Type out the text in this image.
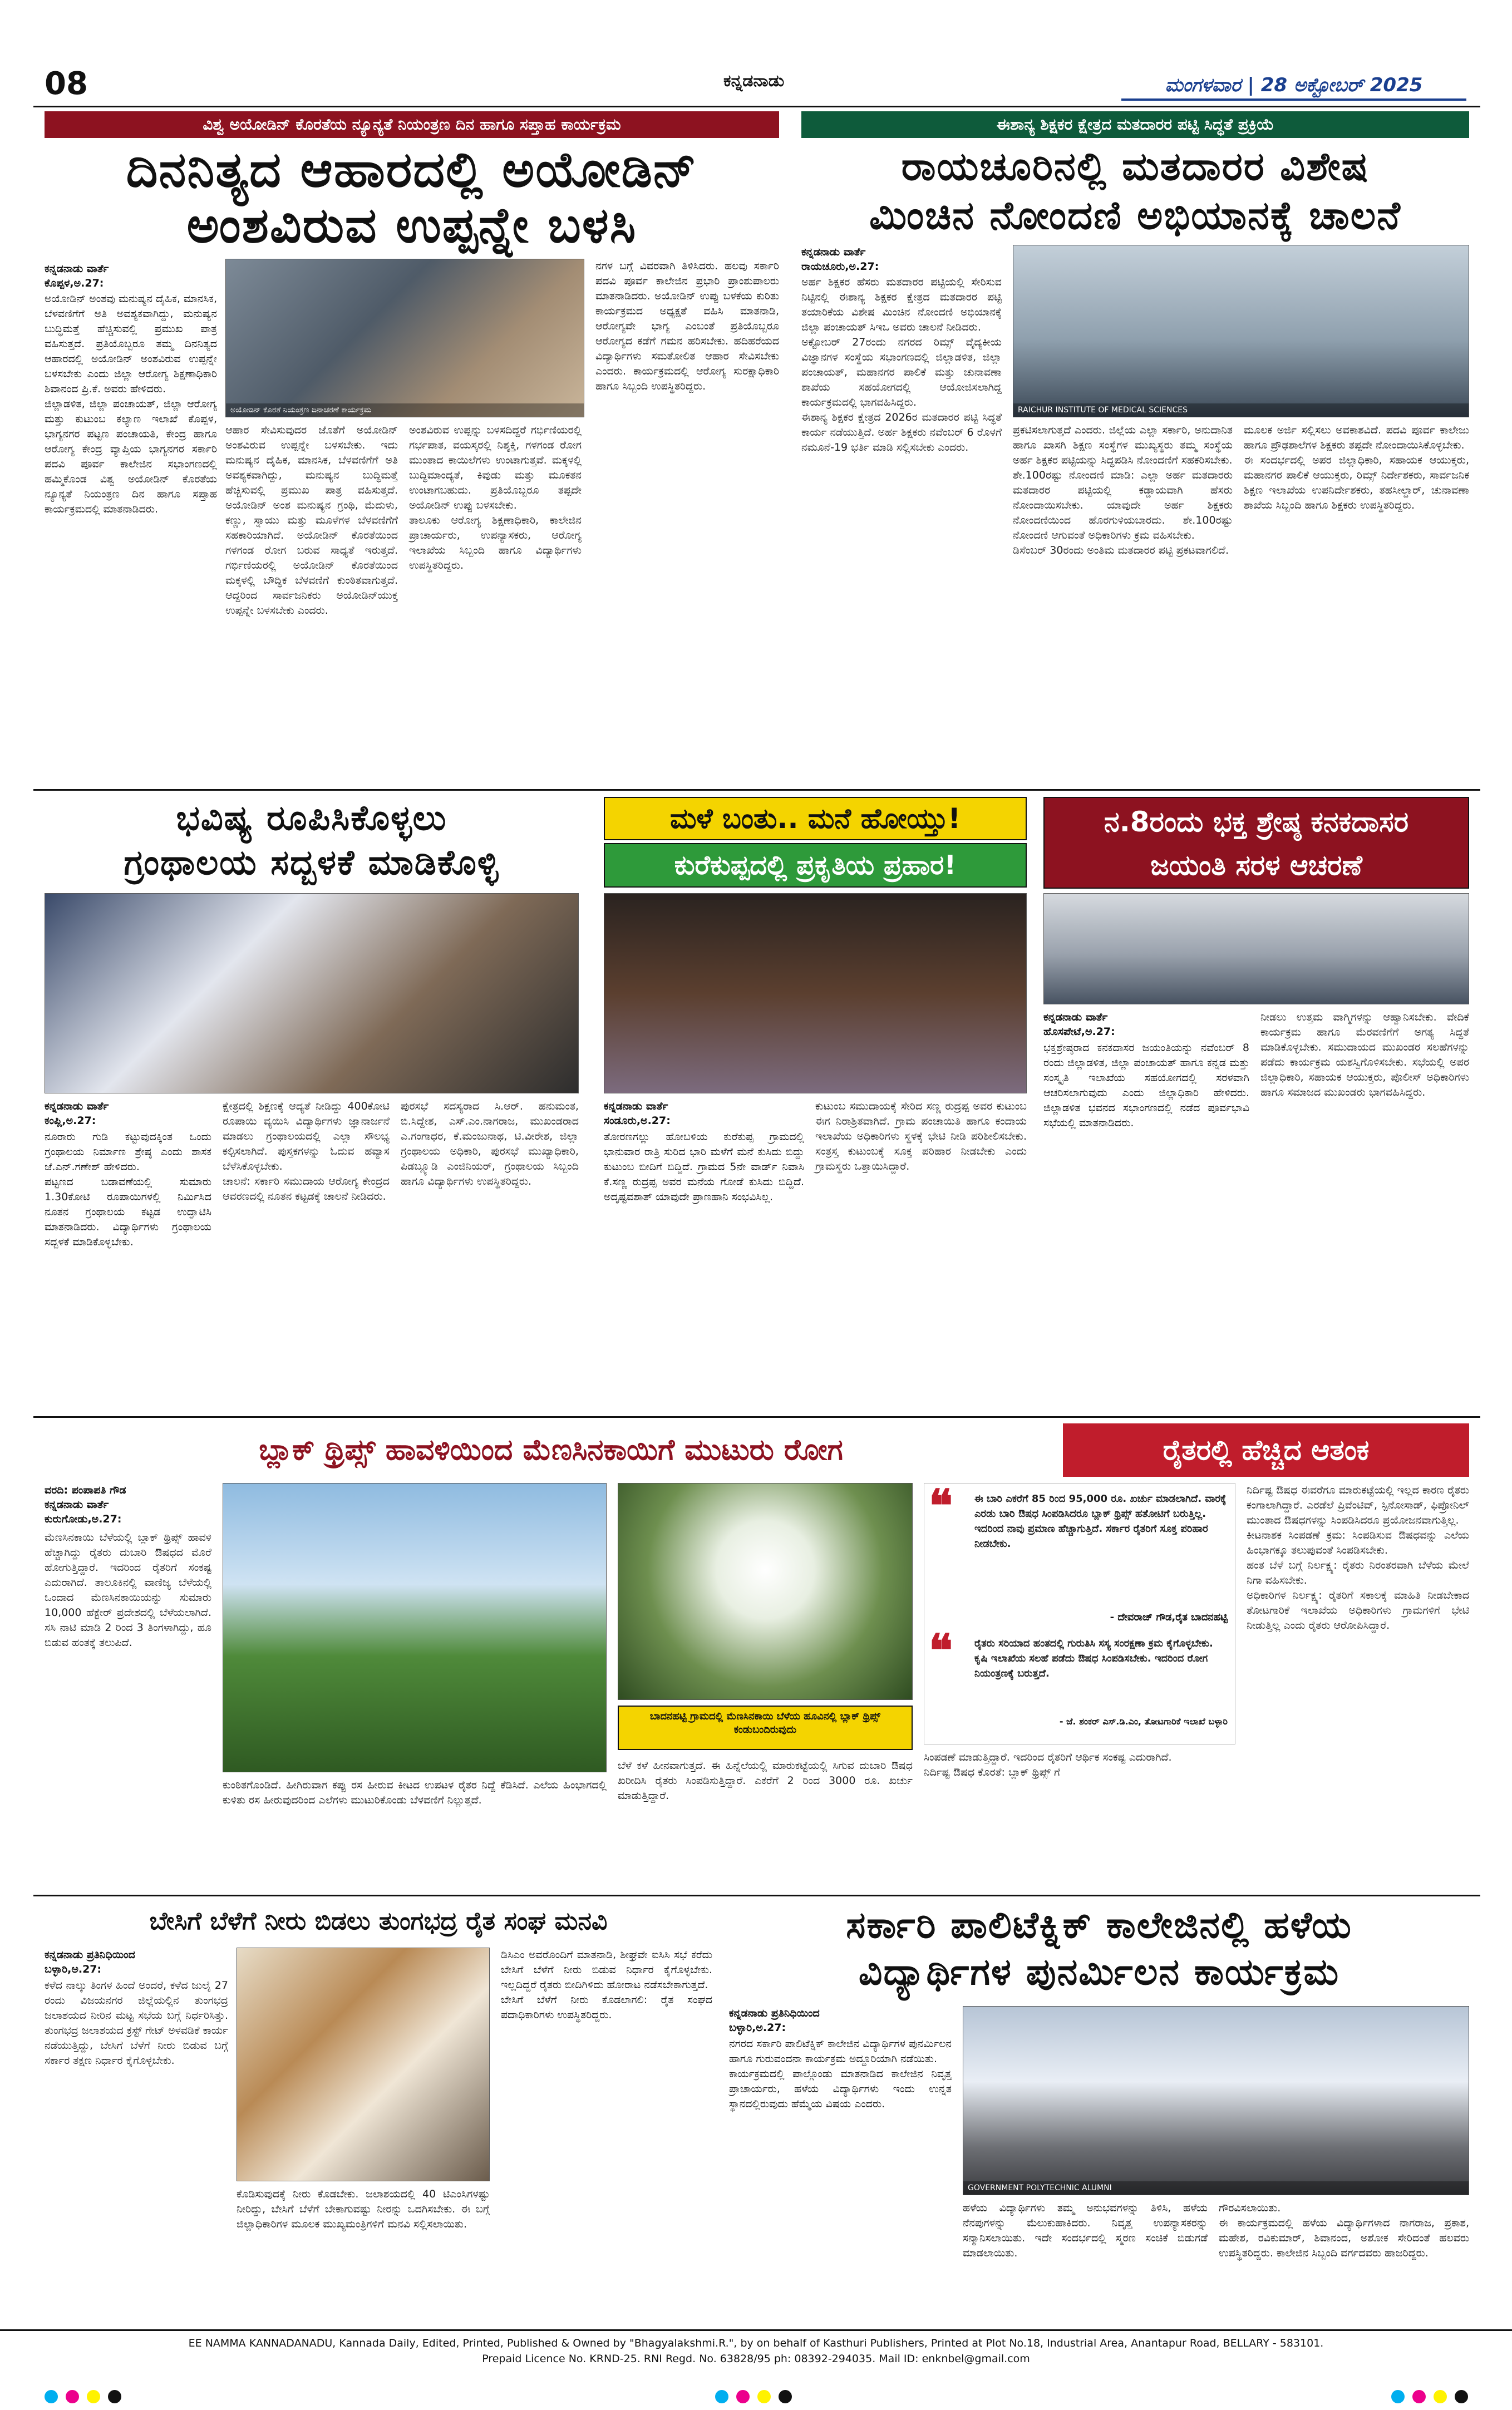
08	ಕನ್ನಡನಾಡು	ಮಂಗಳವಾರ | 28 ಅಕ್ಟೋಬರ್ 2025
ವಿಶ್ವ ಅಯೋಡಿನ್ ಕೊರತೆಯ ನ್ಯೂನ್ಯತೆ ನಿಯಂತ್ರಣ ದಿನ ಹಾಗೂ ಸಪ್ತಾಹ ಕಾರ್ಯಕ್ರಮ
ದಿನನಿತ್ಯದ ಆಹಾರದಲ್ಲಿ ಅಯೋಡಿನ್
ಅಂಶವಿರುವ ಉಪ್ಪನ್ನೇ ಬಳಸಿ
ಕನ್ನಡನಾಡು ವಾರ್ತೆ
ಕೊಪ್ಪಳ,ಅ.27:
ಅಯೋಡಿನ್ ಅಂಶವು ಮನುಷ್ಯನ ದೈಹಿಕ, ಮಾನಸಿಕ, ಬೆಳವಣಿಗೆಗೆ ಅತಿ ಅವಶ್ಯಕವಾಗಿದ್ದು, ಮನುಷ್ಯನ ಬುದ್ಧಿಮತ್ತೆ ಹೆಚ್ಚಿಸುವಲ್ಲಿ ಪ್ರಮುಖ ಪಾತ್ರ ವಹಿಸುತ್ತದೆ. ಪ್ರತಿಯೊಬ್ಬರೂ ತಮ್ಮ ದಿನನಿತ್ಯದ ಆಹಾರದಲ್ಲಿ ಅಯೋಡಿನ್ ಅಂಶವಿರುವ ಉಪ್ಪನ್ನೇ ಬಳಸಬೇಕು ಎಂದು ಜಿಲ್ಲಾ ಆರೋಗ್ಯ ಶಿಕ್ಷಣಾಧಿಕಾರಿ ಶಿವಾನಂದ ಪ್ರಿ.ಕೆ. ಅವರು ಹೇಳಿದರು.
ಜಿಲ್ಲಾಡಳಿತ, ಜಿಲ್ಲಾ ಪಂಚಾಯತ್, ಜಿಲ್ಲಾ ಆರೋಗ್ಯ ಮತ್ತು ಕುಟುಂಬ ಕಲ್ಯಾಣ ಇಲಾಖೆ ಕೊಪ್ಪಳ, ಭಾಗ್ಯನಗರ ಪಟ್ಟಣ ಪಂಚಾಯತಿ, ಕೇಂದ್ರ ಹಾಗೂ ಆರೋಗ್ಯ ಕೇಂದ್ರ ವ್ಯಾಪ್ತಿಯ ಭಾಗ್ಯನಗರ ಸರ್ಕಾರಿ ಪದವಿ ಪೂರ್ವ ಕಾಲೇಜಿನ ಸಭಾಂಗಣದಲ್ಲಿ ಹಮ್ಮಿಕೊಂಡ ವಿಶ್ವ ಅಯೋಡಿನ್ ಕೊರತೆಯ ನ್ಯೂನ್ಯತೆ ನಿಯಂತ್ರಣ ದಿನ ಹಾಗೂ ಸಪ್ತಾಹ ಕಾರ್ಯಕ್ರಮದಲ್ಲಿ ಮಾತನಾಡಿದರು.
ಅಯೋಡಿನ್ ಕೊರತೆ ನಿಯಂತ್ರಣ ದಿನಾಚರಣೆ ಕಾರ್ಯಕ್ರಮ
ಆಹಾರ ಸೇವಿಸುವುದರ ಜೊತೆಗೆ ಅಯೋಡಿನ್ ಅಂಶವಿರುವ ಉಪ್ಪನ್ನೇ ಬಳಸಬೇಕು. ಇದು ಮನುಷ್ಯನ ದೈಹಿಕ, ಮಾನಸಿಕ, ಬೆಳವಣಿಗೆಗೆ ಅತಿ ಅವಶ್ಯಕವಾಗಿದ್ದು, ಮನುಷ್ಯನ ಬುದ್ಧಿಮತ್ತೆ ಹೆಚ್ಚಿಸುವಲ್ಲಿ ಪ್ರಮುಖ ಪಾತ್ರ ವಹಿಸುತ್ತದೆ. ಅಯೋಡಿನ್ ಅಂಶ ಮನುಷ್ಯನ ಗ್ರಂಥಿ, ಮೆದುಳು, ಕಣ್ಣು, ಸ್ನಾಯು ಮತ್ತು ಮೂಳೆಗಳ ಬೆಳವಣಿಗೆಗೆ ಸಹಕಾರಿಯಾಗಿದೆ. ಅಯೋಡಿನ್ ಕೊರತೆಯಿಂದ ಗಳಗಂಡ ರೋಗ ಬರುವ ಸಾಧ್ಯತೆ ಇರುತ್ತದೆ. ಗರ್ಭಿಣಿಯರಲ್ಲಿ ಅಯೋಡಿನ್ ಕೊರತೆಯಿಂದ ಮಕ್ಕಳಲ್ಲಿ ಬೌದ್ಧಿಕ ಬೆಳವಣಿಗೆ ಕುಂಠಿತವಾಗುತ್ತದೆ. ಆದ್ದರಿಂದ ಸಾರ್ವಜನಿಕರು ಅಯೋಡಿನ್‌ಯುಕ್ತ ಉಪ್ಪನ್ನೇ ಬಳಸಬೇಕು ಎಂದರು.
ಅಂಶವಿರುವ ಉಪ್ಪನ್ನು ಬಳಸದಿದ್ದರೆ ಗರ್ಭಿಣಿಯರಲ್ಲಿ ಗರ್ಭಪಾತ, ವಯಸ್ಕರಲ್ಲಿ ನಿಶ್ಶಕ್ತಿ, ಗಳಗಂಡ ರೋಗ ಮುಂತಾದ ಕಾಯಿಲೆಗಳು ಉಂಟಾಗುತ್ತವೆ. ಮಕ್ಕಳಲ್ಲಿ ಬುದ್ಧಿಮಾಂದ್ಯತೆ, ಕಿವುಡು ಮತ್ತು ಮೂಕತನ ಉಂಟಾಗಬಹುದು. ಪ್ರತಿಯೊಬ್ಬರೂ ತಪ್ಪದೇ ಅಯೋಡಿನ್ ಉಪ್ಪು ಬಳಸಬೇಕು.
ತಾಲೂಕು ಆರೋಗ್ಯ ಶಿಕ್ಷಣಾಧಿಕಾರಿ, ಕಾಲೇಜಿನ ಪ್ರಾಚಾರ್ಯರು, ಉಪನ್ಯಾಸಕರು, ಆರೋಗ್ಯ ಇಲಾಖೆಯ ಸಿಬ್ಬಂದಿ ಹಾಗೂ ವಿದ್ಯಾರ್ಥಿಗಳು ಉಪಸ್ಥಿತರಿದ್ದರು.
ನಗಳ ಬಗ್ಗೆ ವಿವರವಾಗಿ ತಿಳಿಸಿದರು. ಹಲವು ಸರ್ಕಾರಿ ಪದವಿ ಪೂರ್ವ ಕಾಲೇಜಿನ ಪ್ರಭಾರಿ ಪ್ರಾಂಶುಪಾಲರು ಮಾತನಾಡಿದರು. ಅಯೋಡಿನ್ ಉಪ್ಪು ಬಳಕೆಯ ಕುರಿತು ಕಾರ್ಯಕ್ರಮದ ಅಧ್ಯಕ್ಷತೆ ವಹಿಸಿ ಮಾತನಾಡಿ, ಆರೋಗ್ಯವೇ ಭಾಗ್ಯ ಎಂಬಂತೆ ಪ್ರತಿಯೊಬ್ಬರೂ ಆರೋಗ್ಯದ ಕಡೆಗೆ ಗಮನ ಹರಿಸಬೇಕು. ಹದಿಹರೆಯದ ವಿದ್ಯಾರ್ಥಿಗಳು ಸಮತೋಲಿತ ಆಹಾರ ಸೇವಿಸಬೇಕು ಎಂದರು. ಕಾರ್ಯಕ್ರಮದಲ್ಲಿ ಆರೋಗ್ಯ ಸುರಕ್ಷಾಧಿಕಾರಿ ಹಾಗೂ ಸಿಬ್ಬಂದಿ ಉಪಸ್ಥಿತರಿದ್ದರು.
ಈಶಾನ್ಯ ಶಿಕ್ಷಕರ ಕ್ಷೇತ್ರದ ಮತದಾರರ ಪಟ್ಟಿ ಸಿದ್ಧತೆ ಪ್ರಕ್ರಿಯೆ
ರಾಯಚೂರಿನಲ್ಲಿ ಮತದಾರರ ವಿಶೇಷ
ಮಿಂಚಿನ ನೋಂದಣಿ ಅಭಿಯಾನಕ್ಕೆ ಚಾಲನೆ
ಕನ್ನಡನಾಡು ವಾರ್ತೆ
ರಾಯಚೂರು,ಅ.27:
ಅರ್ಹ ಶಿಕ್ಷಕರ ಹೆಸರು ಮತದಾರರ ಪಟ್ಟಿಯಲ್ಲಿ ಸೇರಿಸುವ ನಿಟ್ಟಿನಲ್ಲಿ ಈಶಾನ್ಯ ಶಿಕ್ಷಕರ ಕ್ಷೇತ್ರದ ಮತದಾರರ ಪಟ್ಟಿ ತಯಾರಿಕೆಯ ವಿಶೇಷ ಮಿಂಚಿನ ನೋಂದಣಿ ಅಭಿಯಾನಕ್ಕೆ ಜಿಲ್ಲಾ ಪಂಚಾಯತ್ ಸಿಇಒ ಅವರು ಚಾಲನೆ ನೀಡಿದರು.
ಅಕ್ಟೋಬರ್ 27ರಂದು ನಗರದ ರಿಮ್ಸ್ ವೈದ್ಯಕೀಯ ವಿಜ್ಞಾನಗಳ ಸಂಸ್ಥೆಯ ಸಭಾಂಗಣದಲ್ಲಿ ಜಿಲ್ಲಾಡಳಿತ, ಜಿಲ್ಲಾ ಪಂಚಾಯತ್, ಮಹಾನಗರ ಪಾಲಿಕೆ ಮತ್ತು ಚುನಾವಣಾ ಶಾಖೆಯ ಸಹಯೋಗದಲ್ಲಿ ಆಯೋಜಿಸಲಾಗಿದ್ದ ಕಾರ್ಯಕ್ರಮದಲ್ಲಿ ಭಾಗವಹಿಸಿದ್ದರು.
ಈಶಾನ್ಯ ಶಿಕ್ಷಕರ ಕ್ಷೇತ್ರದ 2026ರ ಮತದಾರರ ಪಟ್ಟಿ ಸಿದ್ಧತೆ ಕಾರ್ಯ ನಡೆಯುತ್ತಿದೆ. ಅರ್ಹ ಶಿಕ್ಷಕರು ನವೆಂಬರ್ 6 ರೊಳಗೆ ನಮೂನೆ-19 ಭರ್ತಿ ಮಾಡಿ ಸಲ್ಲಿಸಬೇಕು ಎಂದರು.
RAICHUR INSTITUTE OF MEDICAL SCIENCES
ಪ್ರಕಟಿಸಲಾಗುತ್ತದೆ ಎಂದರು. ಜಿಲ್ಲೆಯ ಎಲ್ಲಾ ಸರ್ಕಾರಿ, ಅನುದಾನಿತ ಹಾಗೂ ಖಾಸಗಿ ಶಿಕ್ಷಣ ಸಂಸ್ಥೆಗಳ ಮುಖ್ಯಸ್ಥರು ತಮ್ಮ ಸಂಸ್ಥೆಯ ಅರ್ಹ ಶಿಕ್ಷಕರ ಪಟ್ಟಿಯನ್ನು ಸಿದ್ಧಪಡಿಸಿ ನೋಂದಣಿಗೆ ಸಹಕರಿಸಬೇಕು.
ಶೇ.100ರಷ್ಟು ನೋಂದಣಿ ಮಾಡಿ: ಎಲ್ಲಾ ಅರ್ಹ ಮತದಾರರು ಮತದಾರರ ಪಟ್ಟಿಯಲ್ಲಿ ಕಡ್ಡಾಯವಾಗಿ ಹೆಸರು ನೋಂದಾಯಿಸಬೇಕು. ಯಾವುದೇ ಅರ್ಹ ಶಿಕ್ಷಕರು ನೋಂದಣಿಯಿಂದ ಹೊರಗುಳಿಯಬಾರದು. ಶೇ.100ರಷ್ಟು ನೋಂದಣಿ ಆಗುವಂತೆ ಅಧಿಕಾರಿಗಳು ಕ್ರಮ ವಹಿಸಬೇಕು.
ಡಿಸೆಂಬರ್ 30ರಂದು ಅಂತಿಮ ಮತದಾರರ ಪಟ್ಟಿ ಪ್ರಕಟವಾಗಲಿದೆ.
ಮೂಲಕ ಅರ್ಜಿ ಸಲ್ಲಿಸಲು ಅವಕಾಶವಿದೆ. ಪದವಿ ಪೂರ್ವ ಕಾಲೇಜು ಹಾಗೂ ಪ್ರೌಢಶಾಲೆಗಳ ಶಿಕ್ಷಕರು ತಪ್ಪದೇ ನೋಂದಾಯಿಸಿಕೊಳ್ಳಬೇಕು.
ಈ ಸಂದರ್ಭದಲ್ಲಿ ಅಪರ ಜಿಲ್ಲಾಧಿಕಾರಿ, ಸಹಾಯಕ ಆಯುಕ್ತರು, ಮಹಾನಗರ ಪಾಲಿಕೆ ಆಯುಕ್ತರು, ರಿಮ್ಸ್ ನಿರ್ದೇಶಕರು, ಸಾರ್ವಜನಿಕ ಶಿಕ್ಷಣ ಇಲಾಖೆಯ ಉಪನಿರ್ದೇಶಕರು, ತಹಸೀಲ್ದಾರ್, ಚುನಾವಣಾ ಶಾಖೆಯ ಸಿಬ್ಬಂದಿ ಹಾಗೂ ಶಿಕ್ಷಕರು ಉಪಸ್ಥಿತರಿದ್ದರು.
ಭವಿಷ್ಯ ರೂಪಿಸಿಕೊಳ್ಳಲು
ಗ್ರಂಥಾಲಯ ಸದ್ಬಳಕೆ ಮಾಡಿಕೊಳ್ಳಿ
ಕನ್ನಡನಾಡು ವಾರ್ತೆ
ಕಂಪ್ಲಿ,ಅ.27:
ನೂರಾರು ಗುಡಿ ಕಟ್ಟುವುದಕ್ಕಿಂತ ಒಂದು ಗ್ರಂಥಾಲಯ ನಿರ್ಮಾಣ ಶ್ರೇಷ್ಠ ಎಂದು ಶಾಸಕ ಜೆ.ಎನ್.ಗಣೇಶ್ ಹೇಳಿದರು.
ಪಟ್ಟಣದ ಬಡಾವಣೆಯಲ್ಲಿ ಸುಮಾರು 1.30ಕೋಟಿ ರೂಪಾಯಿಗಳಲ್ಲಿ ನಿರ್ಮಿಸಿದ ನೂತನ ಗ್ರಂಥಾಲಯ ಕಟ್ಟಡ ಉದ್ಘಾಟಿಸಿ ಮಾತನಾಡಿದರು. ವಿದ್ಯಾರ್ಥಿಗಳು ಗ್ರಂಥಾಲಯ ಸದ್ಬಳಕೆ ಮಾಡಿಕೊಳ್ಳಬೇಕು.
ಕ್ಷೇತ್ರದಲ್ಲಿ ಶಿಕ್ಷಣಕ್ಕೆ ಆದ್ಯತೆ ನೀಡಿದ್ದು 400ಕೋಟಿ ರೂಪಾಯಿ ವ್ಯಯಿಸಿ ವಿದ್ಯಾರ್ಥಿಗಳು ಜ್ಞಾನಾರ್ಜನೆ ಮಾಡಲು ಗ್ರಂಥಾಲಯದಲ್ಲಿ ಎಲ್ಲಾ ಸೌಲಭ್ಯ ಕಲ್ಪಿಸಲಾಗಿದೆ. ಪುಸ್ತಕಗಳನ್ನು ಓದುವ ಹವ್ಯಾಸ ಬೆಳೆಸಿಕೊಳ್ಳಬೇಕು.
ಚಾಲನೆ: ಸರ್ಕಾರಿ ಸಮುದಾಯ ಆರೋಗ್ಯ ಕೇಂದ್ರದ ಆವರಣದಲ್ಲಿ ನೂತನ ಕಟ್ಟಡಕ್ಕೆ ಚಾಲನೆ ನೀಡಿದರು.
ಪುರಸಭೆ ಸದಸ್ಯರಾದ ಸಿ.ಆರ್. ಹನುಮಂತ, ಬಿ.ಸಿದ್ದೇಶ, ಎಸ್.ಎಂ.ನಾಗರಾಜ, ಮುಖಂಡರಾದ ಎ.ಗಂಗಾಧರ, ಕೆ.ಮಂಜುನಾಥ, ಟಿ.ವೀರೇಶ, ಜಿಲ್ಲಾ ಗ್ರಂಥಾಲಯ ಅಧಿಕಾರಿ, ಪುರಸಭೆ ಮುಖ್ಯಾಧಿಕಾರಿ, ಪಿಡಬ್ಲ್ಯೂಡಿ ಎಂಜಿನಿಯರ್, ಗ್ರಂಥಾಲಯ ಸಿಬ್ಬಂದಿ ಹಾಗೂ ವಿದ್ಯಾರ್ಥಿಗಳು ಉಪಸ್ಥಿತರಿದ್ದರು.
ಮಳೆ ಬಂತು.. ಮನೆ ಹೋಯ್ತು!
ಕುರೆಕುಪ್ಪದಲ್ಲಿ ಪ್ರಕೃತಿಯ ಪ್ರಹಾರ!
ಕನ್ನಡನಾಡು ವಾರ್ತೆ
ಸಂಡೂರು,ಅ.27:
ತೋರಣಗಲ್ಲು ಹೋಬಳಿಯ ಕುರೆಕುಪ್ಪ ಗ್ರಾಮದಲ್ಲಿ ಭಾನುವಾರ ರಾತ್ರಿ ಸುರಿದ ಭಾರಿ ಮಳೆಗೆ ಮನೆ ಕುಸಿದು ಬಿದ್ದು ಕುಟುಂಬ ಬೀದಿಗೆ ಬಿದ್ದಿದೆ. ಗ್ರಾಮದ 5ನೇ ವಾರ್ಡ್ ನಿವಾಸಿ ಕೆ.ಸಣ್ಣ ರುದ್ರಪ್ಪ ಅವರ ಮನೆಯ ಗೋಡೆ ಕುಸಿದು ಬಿದ್ದಿದೆ. ಅದೃಷ್ಟವಶಾತ್ ಯಾವುದೇ ಪ್ರಾಣಹಾನಿ ಸಂಭವಿಸಿಲ್ಲ.
ಕುಟುಂಬ ಸಮುದಾಯಕ್ಕೆ ಸೇರಿದ ಸಣ್ಣ ರುದ್ರಪ್ಪ ಅವರ ಕುಟುಂಬ ಈಗ ನಿರಾಶ್ರಿತವಾಗಿದೆ. ಗ್ರಾಮ ಪಂಚಾಯಿತಿ ಹಾಗೂ ಕಂದಾಯ ಇಲಾಖೆಯ ಅಧಿಕಾರಿಗಳು ಸ್ಥಳಕ್ಕೆ ಭೇಟಿ ನೀಡಿ ಪರಿಶೀಲಿಸಬೇಕು. ಸಂತ್ರಸ್ತ ಕುಟುಂಬಕ್ಕೆ ಸೂಕ್ತ ಪರಿಹಾರ ನೀಡಬೇಕು ಎಂದು ಗ್ರಾಮಸ್ಥರು ಒತ್ತಾಯಿಸಿದ್ದಾರೆ.
ನ.8ರಂದು ಭಕ್ತ ಶ್ರೇಷ್ಠ ಕನಕದಾಸರ
ಜಯಂತಿ ಸರಳ ಆಚರಣೆ
ಕನ್ನಡನಾಡು ವಾರ್ತೆ
ಹೊಸಪೇಟೆ,ಅ.27:
ಭಕ್ತಶ್ರೇಷ್ಠರಾದ ಕನಕದಾಸರ ಜಯಂತಿಯನ್ನು ನವೆಂಬರ್ 8 ರಂದು ಜಿಲ್ಲಾಡಳಿತ, ಜಿಲ್ಲಾ ಪಂಚಾಯತ್ ಹಾಗೂ ಕನ್ನಡ ಮತ್ತು ಸಂಸ್ಕೃತಿ ಇಲಾಖೆಯ ಸಹಯೋಗದಲ್ಲಿ ಸರಳವಾಗಿ ಆಚರಿಸಲಾಗುವುದು ಎಂದು ಜಿಲ್ಲಾಧಿಕಾರಿ ಹೇಳಿದರು. ಜಿಲ್ಲಾಡಳಿತ ಭವನದ ಸಭಾಂಗಣದಲ್ಲಿ ನಡೆದ ಪೂರ್ವಭಾವಿ ಸಭೆಯಲ್ಲಿ ಮಾತನಾಡಿದರು.
ನೀಡಲು ಉತ್ತಮ ವಾಗ್ಮಿಗಳನ್ನು ಆಹ್ವಾನಿಸಬೇಕು. ವೇದಿಕೆ ಕಾರ್ಯಕ್ರಮ ಹಾಗೂ ಮೆರವಣಿಗೆಗೆ ಅಗತ್ಯ ಸಿದ್ಧತೆ ಮಾಡಿಕೊಳ್ಳಬೇಕು. ಸಮುದಾಯದ ಮುಖಂಡರ ಸಲಹೆಗಳನ್ನು ಪಡೆದು ಕಾರ್ಯಕ್ರಮ ಯಶಸ್ವಿಗೊಳಿಸಬೇಕು. ಸಭೆಯಲ್ಲಿ ಅಪರ ಜಿಲ್ಲಾಧಿಕಾರಿ, ಸಹಾಯಕ ಆಯುಕ್ತರು, ಪೊಲೀಸ್ ಅಧಿಕಾರಿಗಳು ಹಾಗೂ ಸಮಾಜದ ಮುಖಂಡರು ಭಾಗವಹಿಸಿದ್ದರು.
ಬ್ಲಾಕ್ ಥ್ರಿಪ್ಸ್ ಹಾವಳಿಯಿಂದ ಮೆಣಸಿನಕಾಯಿಗೆ ಮುಟುರು ರೋಗ	ರೈತರಲ್ಲಿ ಹೆಚ್ಚಿದ ಆತಂಕ
ವರದಿ: ಪಂಪಾಪತಿ ಗೌಡ
ಕನ್ನಡನಾಡು ವಾರ್ತೆ
ಕುರುಗೋಡು,ಅ.27:
ಮೆಣಸಿನಕಾಯಿ ಬೆಳೆಯಲ್ಲಿ ಬ್ಲಾಕ್ ಥ್ರಿಪ್ಸ್ ಹಾವಳಿ ಹೆಚ್ಚಾಗಿದ್ದು ರೈತರು ದುಬಾರಿ ಔಷಧದ ಮೊರೆ ಹೋಗುತ್ತಿದ್ದಾರೆ. ಇದರಿಂದ ರೈತರಿಗೆ ಸಂಕಷ್ಟ ಎದುರಾಗಿದೆ. ತಾಲೂಕಿನಲ್ಲಿ ವಾಣಿಜ್ಯ ಬೆಳೆಯಲ್ಲಿ ಒಂದಾದ ಮೆಣಸಿನಕಾಯಿಯನ್ನು ಸುಮಾರು 10,000 ಹೆಕ್ಟೇರ್ ಪ್ರದೇಶದಲ್ಲಿ ಬೆಳೆಯಲಾಗಿದೆ. ಸಸಿ ನಾಟಿ ಮಾಡಿ 2 ರಿಂದ 3 ತಿಂಗಳಾಗಿದ್ದು, ಹೂ ಬಿಡುವ ಹಂತಕ್ಕೆ ತಲುಪಿದೆ.
ಕುಂಠಿತಗೊಂಡಿದೆ. ಹೀಗಿರುವಾಗ ಕಪ್ಪು ರಸ ಹೀರುವ ಕೀಟದ ಉಪಟಳ ರೈತರ ನಿದ್ದೆ ಕೆಡಿಸಿದೆ. ಎಲೆಯ ಹಿಂಭಾಗದಲ್ಲಿ ಕುಳಿತು ರಸ ಹೀರುವುದರಿಂದ ಎಲೆಗಳು ಮುಟುರಿಕೊಂಡು ಬೆಳವಣಿಗೆ ನಿಲ್ಲುತ್ತದೆ.
ಬಾದನಹಟ್ಟಿ ಗ್ರಾಮದಲ್ಲಿ ಮೆಣಸಿನಕಾಯಿ ಬೆಳೆಯ ಹೂವಿನಲ್ಲಿ ಬ್ಲಾಕ್ ಥ್ರಿಪ್ಸ್ ಕಂಡುಬಂದಿರುವುದು
ಬೆಳೆ ಕಳೆ ಹೀನವಾಗುತ್ತದೆ. ಈ ಹಿನ್ನೆಲೆಯಲ್ಲಿ ಮಾರುಕಟ್ಟೆಯಲ್ಲಿ ಸಿಗುವ ದುಬಾರಿ ಔಷಧ ಖರೀದಿಸಿ ರೈತರು ಸಿಂಪಡಿಸುತ್ತಿದ್ದಾರೆ. ಎಕರೆಗೆ 2 ರಿಂದ 3000 ರೂ. ಖರ್ಚು ಮಾಡುತ್ತಿದ್ದಾರೆ.
❝ ಈ ಬಾರಿ ಎಕರೆಗೆ 85 ರಿಂದ 95,000 ರೂ. ಖರ್ಚು ಮಾಡಲಾಗಿದೆ. ವಾರಕ್ಕೆ ಎರಡು ಬಾರಿ ಔಷಧ ಸಿಂಪಡಿಸಿದರೂ ಬ್ಲಾಕ್ ಥ್ರಿಪ್ಸ್ ಹತೋಟಿಗೆ ಬರುತ್ತಿಲ್ಲ. ಇದರಿಂದ ನಾವು ಪ್ರಮಾಣ ಹೆಚ್ಚಾಗುತ್ತಿದೆ. ಸರ್ಕಾರ ರೈತರಿಗೆ ಸೂಕ್ತ ಪರಿಹಾರ ನೀಡಬೇಕು.
- ದೇವರಾಜ್ ಗೌಡ,ರೈತ ಬಾದನಹಟ್ಟಿ
❝ ರೈತರು ಸರಿಯಾದ ಹಂತದಲ್ಲಿ ಗುರುತಿಸಿ ಸಸ್ಯ ಸಂರಕ್ಷಣಾ ಕ್ರಮ ಕೈಗೊಳ್ಳಬೇಕು. ಕೃಷಿ ಇಲಾಖೆಯ ಸಲಹೆ ಪಡೆದು ಔಷಧ ಸಿಂಪಡಿಸಬೇಕು. ಇದರಿಂದ ರೋಗ ನಿಯಂತ್ರಣಕ್ಕೆ ಬರುತ್ತದೆ.
- ಜೆ. ಶಂಕರ್ ಎಸ್.ಡಿ.ಎಂ, ತೋಟಗಾರಿಕೆ ಇಲಾಖೆ ಬಳ್ಳಾರಿ
ಸಿಂಪಡಣೆ ಮಾಡುತ್ತಿದ್ದಾರೆ. ಇದರಿಂದ ರೈತರಿಗೆ ಆರ್ಥಿಕ ಸಂಕಷ್ಟ ಎದುರಾಗಿದೆ.
ನಿರ್ದಿಷ್ಟ ಔಷಧ ಕೊರತೆ: ಬ್ಲಾಕ್ ಥ್ರಿಪ್ಸ್ ಗೆ
ನಿರ್ದಿಷ್ಟ ಔಷಧ ಈವರೆಗೂ ಮಾರುಕಟ್ಟೆಯಲ್ಲಿ ಇಲ್ಲದ ಕಾರಣ ರೈತರು ಕಂಗಾಲಾಗಿದ್ದಾರೆ. ಎರಡೆಲೆ ಪ್ರಿವೆಂಟಿವ್, ಸ್ಪಿನೋಸಾಡ್, ಫಿಪ್ರೋನಿಲ್ ಮುಂತಾದ ಔಷಧಗಳನ್ನು ಸಿಂಪಡಿಸಿದರೂ ಪ್ರಯೋಜನವಾಗುತ್ತಿಲ್ಲ.
ಕೀಟನಾಶಕ ಸಿಂಪಡಣೆ ಕ್ರಮ: ಸಿಂಪಡಿಸುವ ಔಷಧವನ್ನು ಎಲೆಯ ಹಿಂಭಾಗಕ್ಕೂ ತಲುಪುವಂತೆ ಸಿಂಪಡಿಸಬೇಕು.
ಹಂತ ಬೆಳೆ ಬಗ್ಗೆ ನಿರ್ಲಕ್ಷ್ಯ: ರೈತರು ನಿರಂತರವಾಗಿ ಬೆಳೆಯ ಮೇಲೆ ನಿಗಾ ವಹಿಸಬೇಕು.
ಅಧಿಕಾರಿಗಳ ನಿರ್ಲಕ್ಷ್ಯ: ರೈತರಿಗೆ ಸಕಾಲಕ್ಕೆ ಮಾಹಿತಿ ನೀಡಬೇಕಾದ ತೋಟಗಾರಿಕೆ ಇಲಾಖೆಯ ಅಧಿಕಾರಿಗಳು ಗ್ರಾಮಗಳಿಗೆ ಭೇಟಿ ನೀಡುತ್ತಿಲ್ಲ ಎಂದು ರೈತರು ಆರೋಪಿಸಿದ್ದಾರೆ.
ಬೇಸಿಗೆ ಬೆಳೆಗೆ ನೀರು ಬಿಡಲು ತುಂಗಭದ್ರ ರೈತ ಸಂಘ ಮನವಿ
ಕನ್ನಡನಾಡು ಪ್ರತಿನಿಧಿಯಿಂದ
ಬಳ್ಳಾರಿ,ಅ.27:
ಕಳೆದ ನಾಲ್ಕು ತಿಂಗಳ ಹಿಂದೆ ಅಂದರೆ, ಕಳೆದ ಜುಲೈ 27 ರಂದು ವಿಜಯನಗರ ಜಿಲ್ಲೆಯಲ್ಲಿನ ತುಂಗಭದ್ರ ಜಲಾಶಯದ ನೀರಿನ ಮಟ್ಟ ಸಭೆಯ ಬಗ್ಗೆ ನಿರ್ಧರಿಸಿತ್ತು. ತುಂಗಭದ್ರ ಜಲಾಶಯದ ಕ್ರಸ್ಟ್ ಗೇಟ್ ಅಳವಡಿಕೆ ಕಾರ್ಯ ನಡೆಯುತ್ತಿದ್ದು, ಬೇಸಿಗೆ ಬೆಳೆಗೆ ನೀರು ಬಿಡುವ ಬಗ್ಗೆ ಸರ್ಕಾರ ತಕ್ಷಣ ನಿರ್ಧಾರ ಕೈಗೊಳ್ಳಬೇಕು.
ಕೊಡಿಸುವುದಕ್ಕೆ ನೀರು ಕೊಡಬೇಕು. ಜಲಾಶಯದಲ್ಲಿ 40 ಟಿಎಂಸಿಗಳಷ್ಟು ನೀರಿದ್ದು, ಬೇಸಿಗೆ ಬೆಳೆಗೆ ಬೇಕಾಗುವಷ್ಟು ನೀರನ್ನು ಒದಗಿಸಬೇಕು. ಈ ಬಗ್ಗೆ ಜಿಲ್ಲಾಧಿಕಾರಿಗಳ ಮೂಲಕ ಮುಖ್ಯಮಂತ್ರಿಗಳಿಗೆ ಮನವಿ ಸಲ್ಲಿಸಲಾಯಿತು.
ಡಿಸಿಎಂ ಅವರೊಂದಿಗೆ ಮಾತನಾಡಿ, ಶೀಘ್ರವೇ ಐಸಿಸಿ ಸಭೆ ಕರೆದು ಬೇಸಿಗೆ ಬೆಳೆಗೆ ನೀರು ಬಿಡುವ ನಿರ್ಧಾರ ಕೈಗೊಳ್ಳಬೇಕು. ಇಲ್ಲದಿದ್ದರೆ ರೈತರು ಬೀದಿಗಿಳಿದು ಹೋರಾಟ ನಡೆಸಬೇಕಾಗುತ್ತದೆ.
ಬೇಸಿಗೆ ಬೆಳೆಗೆ ನೀರು ಕೊಡಲಾಗಲಿ: ರೈತ ಸಂಘದ ಪದಾಧಿಕಾರಿಗಳು ಉಪಸ್ಥಿತರಿದ್ದರು.
ಸರ್ಕಾರಿ ಪಾಲಿಟೆಕ್ನಿಕ್ ಕಾಲೇಜಿನಲ್ಲಿ ಹಳೆಯ
ವಿದ್ಯಾರ್ಥಿಗಳ ಪುನರ್ಮಿಲನ ಕಾರ್ಯಕ್ರಮ
ಕನ್ನಡನಾಡು ಪ್ರತಿನಿಧಿಯಿಂದ
ಬಳ್ಳಾರಿ,ಅ.27:
ನಗರದ ಸರ್ಕಾರಿ ಪಾಲಿಟೆಕ್ನಿಕ್ ಕಾಲೇಜಿನ ವಿದ್ಯಾರ್ಥಿಗಳ ಪುನರ್ಮಿಲನ ಹಾಗೂ ಗುರುವಂದನಾ ಕಾರ್ಯಕ್ರಮ ಅದ್ದೂರಿಯಾಗಿ ನಡೆಯಿತು.
ಕಾರ್ಯಕ್ರಮದಲ್ಲಿ ಪಾಲ್ಗೊಂಡು ಮಾತನಾಡಿದ ಕಾಲೇಜಿನ ನಿವೃತ್ತ ಪ್ರಾಚಾರ್ಯರು, ಹಳೆಯ ವಿದ್ಯಾರ್ಥಿಗಳು ಇಂದು ಉನ್ನತ ಸ್ಥಾನದಲ್ಲಿರುವುದು ಹೆಮ್ಮೆಯ ವಿಷಯ ಎಂದರು.
GOVERNMENT POLYTECHNIC ALUMNI
ಹಳೆಯ ವಿದ್ಯಾರ್ಥಿಗಳು ತಮ್ಮ ಅನುಭವಗಳನ್ನು ತಿಳಿಸಿ, ಹಳೆಯ ನೆನಪುಗಳನ್ನು ಮೆಲುಕುಹಾಕಿದರು. ನಿವೃತ್ತ ಉಪನ್ಯಾಸಕರನ್ನು ಸನ್ಮಾನಿಸಲಾಯಿತು. ಇದೇ ಸಂದರ್ಭದಲ್ಲಿ ಸ್ಮರಣ ಸಂಚಿಕೆ ಬಿಡುಗಡೆ ಮಾಡಲಾಯಿತು.
ಗೌರವಿಸಲಾಯಿತು.
ಈ ಕಾರ್ಯಕ್ರಮದಲ್ಲಿ ಹಳೆಯ ವಿದ್ಯಾರ್ಥಿಗಳಾದ ನಾಗರಾಜ, ಪ್ರಕಾಶ, ಮಹೇಶ, ರವಿಕುಮಾರ್, ಶಿವಾನಂದ, ಅಶೋಕ ಸೇರಿದಂತೆ ಹಲವರು ಉಪಸ್ಥಿತರಿದ್ದರು. ಕಾಲೇಜಿನ ಸಿಬ್ಬಂದಿ ವರ್ಗದವರು ಹಾಜರಿದ್ದರು.
EE NAMMA KANNADANADU, Kannada Daily, Edited, Printed, Published & Owned by "Bhagyalakshmi.R.", by on behalf of Kasthuri Publishers, Printed at Plot No.18, Industrial Area, Anantapur Road, BELLARY - 583101.
Prepaid Licence No. KRND-25. RNI Regd. No. 63828/95 ph: 08392-294035. Mail ID: enknbel@gmail.com
